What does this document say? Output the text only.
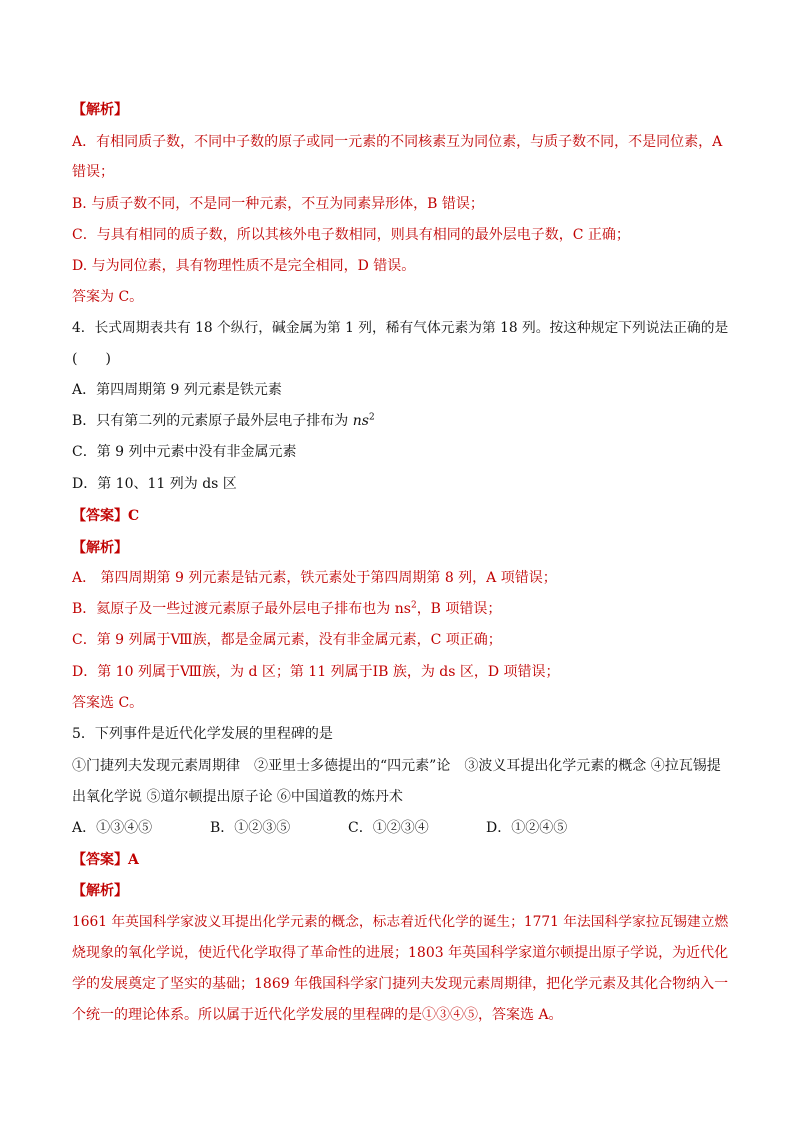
【解析】
A．有相同质子数，不同中子数的原子或同一元素的不同核素互为同位素，与质子数不同，不是同位素，A
错误；
B. 与质子数不同，不是同一种元素，不互为同素异形体，B 错误；
C．与具有相同的质子数，所以其核外电子数相同，则具有相同的最外层电子数，C 正确；
D. 与为同位素，具有物理性质不是完全相同，D 错误。
答案为 C。
4．长式周期表共有 18 个纵行，碱金属为第 1 列，稀有气体元素为第 18 列。按这种规定下列说法正确的是
(　　)
A．第四周期第 9 列元素是铁元素
B．只有第二列的元素原子最外层电子排布为 $ns^2$
C．第 9 列中元素中没有非金属元素
D．第 10、11 列为 ds 区
【答案】C
【解析】
A． 第四周期第 9 列元素是钴元素，铁元素处于第四周期第 8 列，A 项错误；
B．氦原子及一些过渡元素原子最外层电子排布也为 $ns^2$，B 项错误；
C．第 9 列属于Ⅷ族，都是金属元素，没有非金属元素，C 项正确；
D．第 10 列属于Ⅷ族，为 d 区；第 11 列属于ⅠB 族，为 ds 区，D 项错误；
答案选 C。
5．下列事件是近代化学发展的里程碑的是
①门捷列夫发现元素周期律　②亚里士多德提出的“四元素”论　③波义耳提出化学元素的概念 ④拉瓦锡提
出氧化学说 ⑤道尔顿提出原子论 ⑥中国道教的炼丹术
A．①③④⑤	B．①②③⑤	C．①②③④	D．①②④⑤
【答案】A
【解析】
1661 年英国科学家波义耳提出化学元素的概念，标志着近代化学的诞生；1771 年法国科学家拉瓦锡建立燃
烧现象的氧化学说，使近代化学取得了革命性的进展；1803 年英国科学家道尔顿提出原子学说，为近代化
学的发展奠定了坚实的基础；1869 年俄国科学家门捷列夫发现元素周期律，把化学元素及其化合物纳入一
个统一的理论体系。所以属于近代化学发展的里程碑的是①③④⑤，答案选 A。
